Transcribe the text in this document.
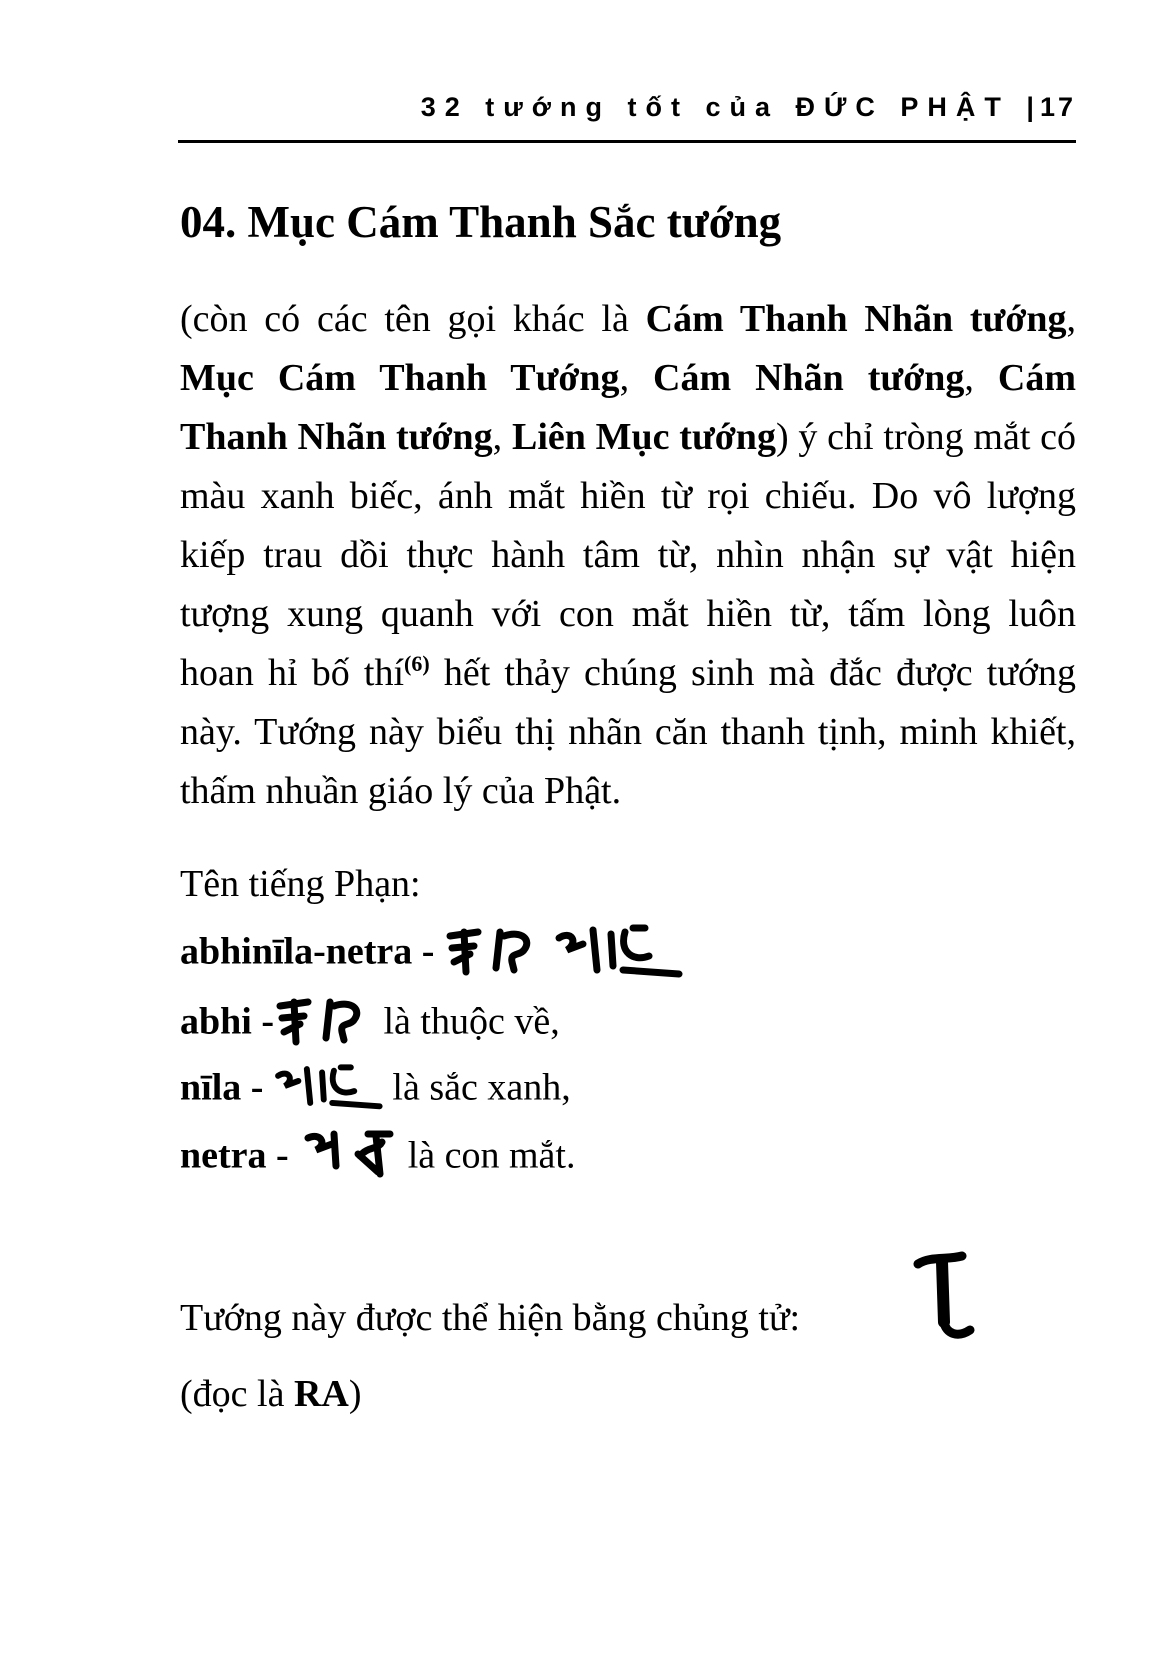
32 tướng tốt của ĐỨC PHẬT | 17
04. Mục Cám Thanh Sắc tướng
(còn có các tên gọi khác là Cám Thanh Nhãn tướng, Mục Cám Thanh Tướng, Cám Nhãn tướng, Cám Thanh Nhãn tướng, Liên Mục tướng) ý chỉ tròng mắt có màu xanh biếc, ánh mắt hiền từ rọi chiếu. Do vô lượng kiếp trau dồi thực hành tâm từ, nhìn nhận sự vật hiện tượng xung quanh với con mắt hiền từ, tấm lòng luôn hoan hỉ bố thí$^{(6)}$ hết thảy chúng sinh mà đắc được tướng này. Tướng này biểu thị nhãn căn thanh tịnh, minh khiết, thấm nhuần giáo lý của Phật.
Tên tiếng Phạn:
abhinīla-netra -
abhi -	là thuộc về,
nīla -	là sắc xanh,
netra -	là con mắt.
Tướng này được thể hiện bằng chủng tử:
(đọc là RA)
